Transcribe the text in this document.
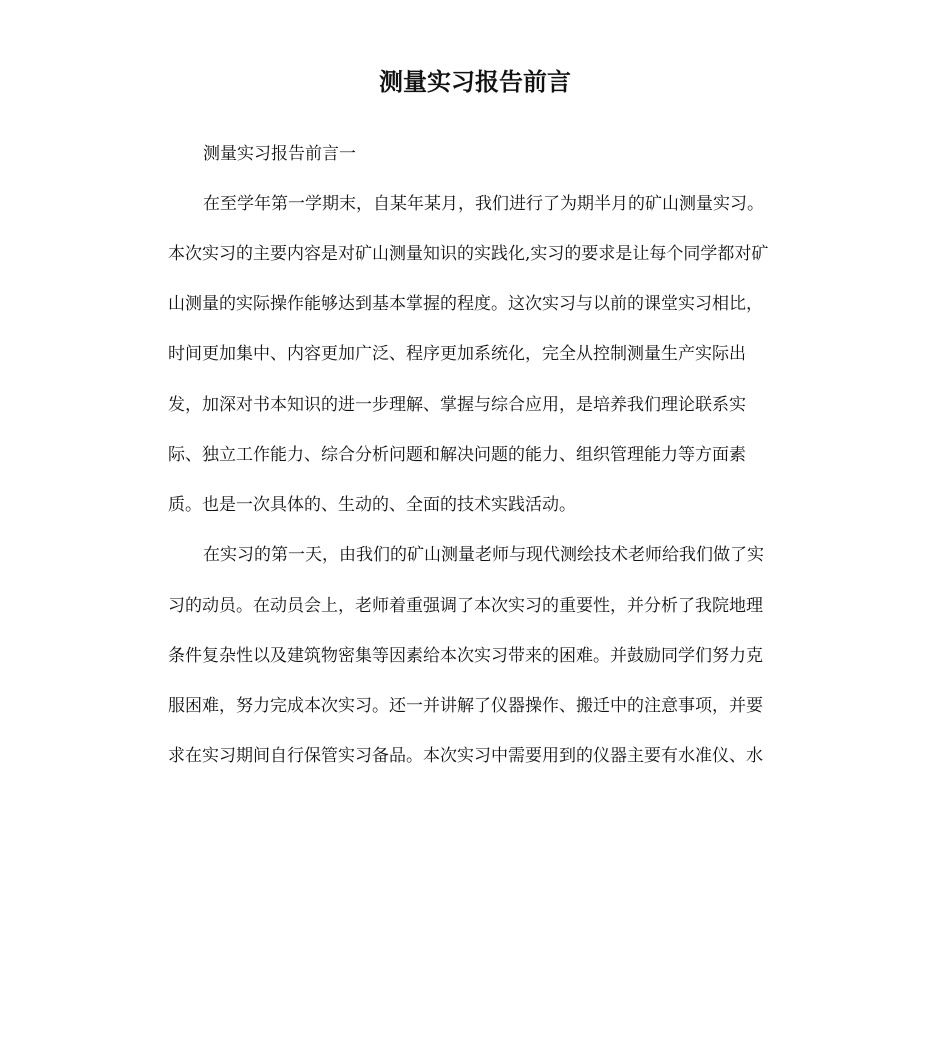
测量实习报告前言

测量实习报告前言一

在至学年第一学期末，自某年某月，我们进行了为期半月的矿山测量实习。

本次实习的主要内容是对矿山测量知识的实践化,实习的要求是让每个同学都对矿

山测量的实际操作能够达到基本掌握的程度。这次实习与以前的课堂实习相比，

时间更加集中、内容更加广泛、程序更加系统化，完全从控制测量生产实际出

发，加深对书本知识的进一步理解、掌握与综合应用，是培养我们理论联系实

际、独立工作能力、综合分析问题和解决问题的能力、组织管理能力等方面素

质。也是一次具体的、生动的、全面的技术实践活动。

在实习的第一天，由我们的矿山测量老师与现代测绘技术老师给我们做了实

习的动员。在动员会上，老师着重强调了本次实习的重要性，并分析了我院地理

条件复杂性以及建筑物密集等因素给本次实习带来的困难。并鼓励同学们努力克

服困难，努力完成本次实习。还一并讲解了仪器操作、搬迁中的注意事项，并要

求在实习期间自行保管实习备品。本次实习中需要用到的仪器主要有水准仪、水
